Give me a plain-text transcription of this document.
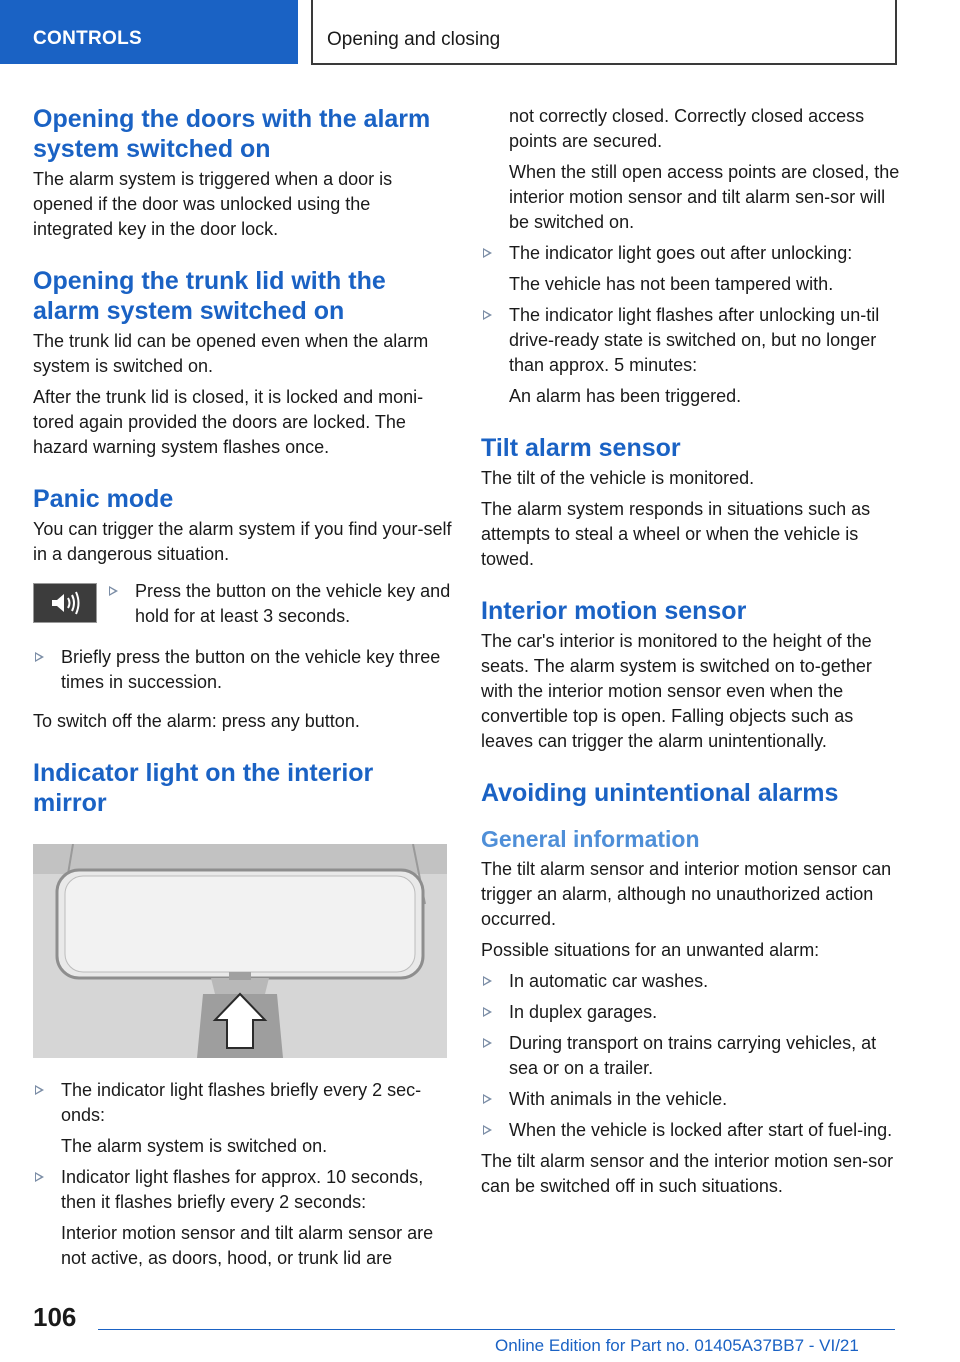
CONTROLS	Opening and closing
Opening the doors with the alarm system switched on

The alarm system is triggered when a door is opened if the door was unlocked using the integrated key in the door lock.

Opening the trunk lid with the alarm system switched on

The trunk lid can be opened even when the alarm system is switched on.

After the trunk lid is closed, it is locked and moni-tored again provided the doors are locked. The hazard warning system flashes once.

Panic mode

You can trigger the alarm system if you find your-self in a dangerous situation.

Press the button on the vehicle key and hold for at least 3 seconds.
Briefly press the button on the vehicle key three times in succession.

To switch off the alarm: press any button.

Indicator light on the interior mirror
The indicator light flashes briefly every 2 sec-onds:
The alarm system is switched on.
Indicator light flashes for approx. 10 seconds, then it flashes briefly every 2 seconds:
Interior motion sensor and tilt alarm sensor are not active, as doors, hood, or trunk lid are
not correctly closed. Correctly closed access points are secured.
When the still open access points are closed, the interior motion sensor and tilt alarm sen-sor will be switched on.
The indicator light goes out after unlocking:
The vehicle has not been tampered with.
The indicator light flashes after unlocking un-til drive-ready state is switched on, but no longer than approx. 5 minutes:
An alarm has been triggered.
Tilt alarm sensor

The tilt of the vehicle is monitored.

The alarm system responds in situations such as attempts to steal a wheel or when the vehicle is towed.

Interior motion sensor

The car's interior is monitored to the height of the seats. The alarm system is switched on to-gether with the interior motion sensor even when the convertible top is open. Falling objects such as leaves can trigger the alarm unintentionally.

Avoiding unintentional alarms
General information

The tilt alarm sensor and interior motion sensor can trigger an alarm, although no unauthorized action occurred.

Possible situations for an unwanted alarm:

In automatic car washes.
In duplex garages.
During transport on trains carrying vehicles, at sea or on a trailer.
With animals in the vehicle.
When the vehicle is locked after start of fuel-ing.

The tilt alarm sensor and the interior motion sen-sor can be switched off in such situations.

106
Online Edition for Part no. 01405A37BB7 - VI/21
